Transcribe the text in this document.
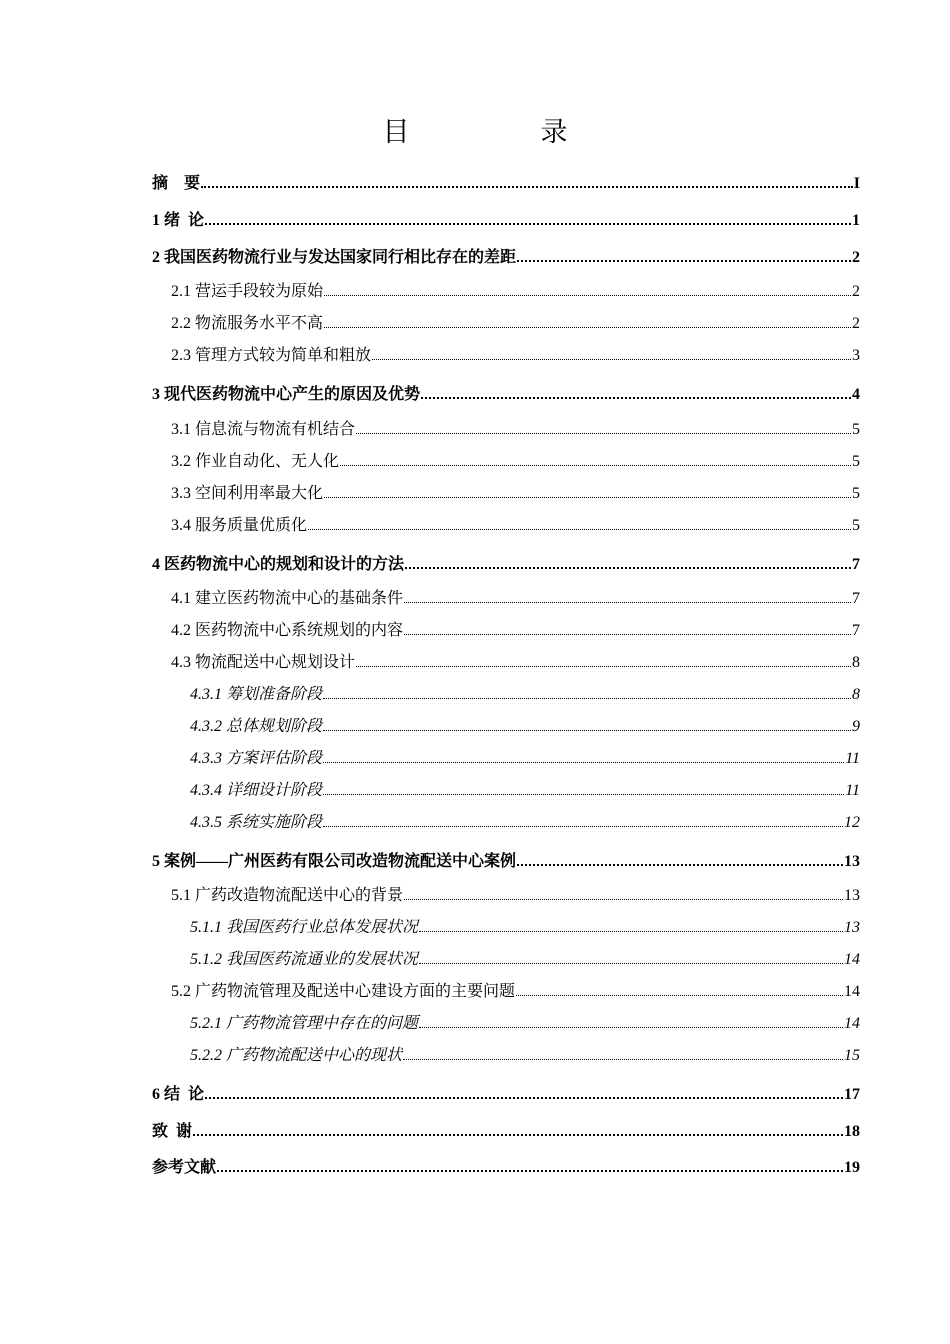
目　录
摘　要	I
1 绪  论	1
2 我国医药物流行业与发达国家同行相比存在的差距	2
2.1 营运手段较为原始	2
2.2 物流服务水平不高	2
2.3 管理方式较为简单和粗放	3
3 现代医药物流中心产生的原因及优势	4
3.1 信息流与物流有机结合	5
3.2 作业自动化、无人化	5
3.3 空间利用率最大化	5
3.4 服务质量优质化	5
4 医药物流中心的规划和设计的方法	7
4.1 建立医药物流中心的基础条件	7
4.2 医药物流中心系统规划的内容	7
4.3 物流配送中心规划设计	8
4.3.1 筹划准备阶段	8
4.3.2 总体规划阶段	9
4.3.3 方案评估阶段	11
4.3.4 详细设计阶段	11
4.3.5 系统实施阶段	12
5 案例——广州医药有限公司改造物流配送中心案例	13
5.1 广药改造物流配送中心的背景	13
5.1.1 我国医药行业总体发展状况	13
5.1.2 我国医药流通业的发展状况	14
5.2 广药物流管理及配送中心建设方面的主要问题	14
5.2.1 广药物流管理中存在的问题	14
5.2.2 广药物流配送中心的现状	15
6 结  论	17
致  谢	18
参考文献	19
